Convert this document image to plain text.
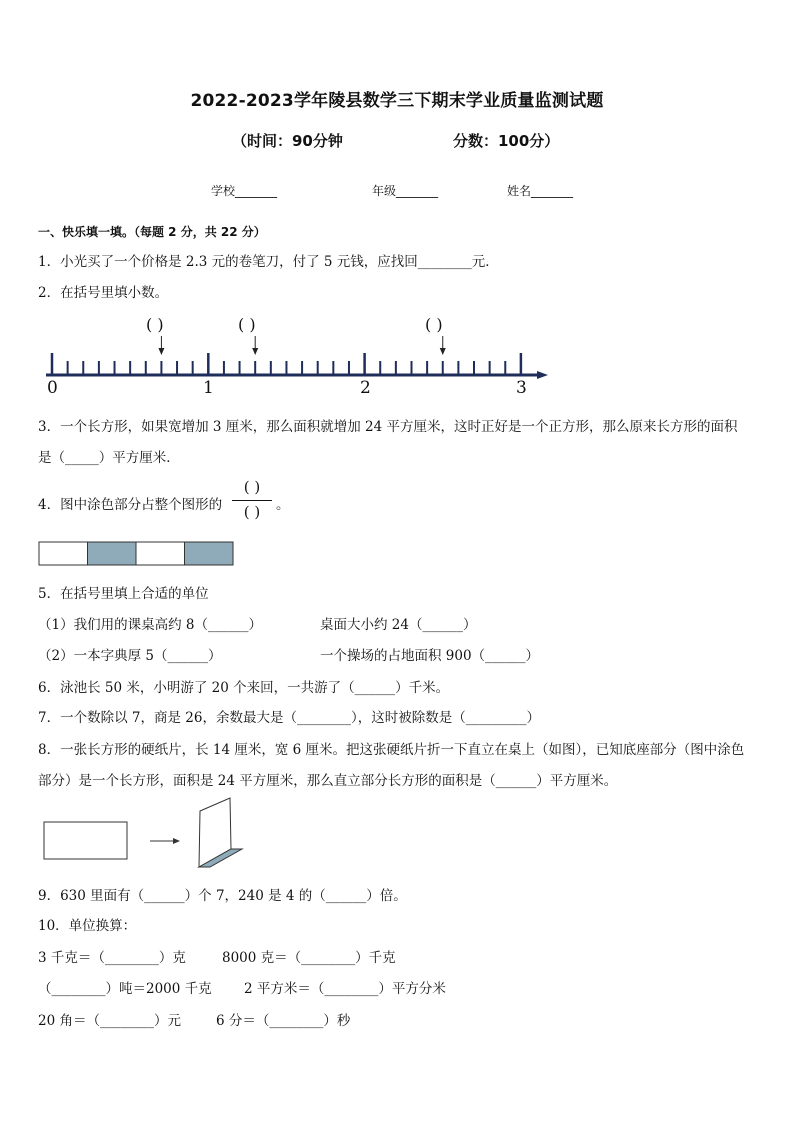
2022-2023学年陵县数学三下期末学业质量监测试题
（时间：90分钟	分数：100分）
学校_______	年级_______	姓名_______
一、快乐填一填。（每题 2 分，共 22 分）
1．小光买了一个价格是 2.3 元的卷笔刀，付了 5 元钱，应找回________元．
2．在括号里填小数。
( )	( )	( )
0	1	2	3
3．一个长方形，如果宽增加 3 厘米，那么面积就增加 24 平方厘米，这时正好是一个正方形，那么原来长方形的面积
是（_____）平方厘米．
4．图中涂色部分占整个图形的
( )
( )	。
5．在括号里填上合适的单位
（1）我们用的课桌高约 8（______）	桌面大小约 24（______）
（2）一本字典厚 5（______）	一个操场的占地面积 900（______）
6．泳池长 50 米，小明游了 20 个来回，一共游了（______）千米。
7．一个数除以 7，商是 26，余数最大是（________），这时被除数是（_________）
8．一张长方形的硬纸片，长 14 厘米，宽 6 厘米。把这张硬纸片折一下直立在桌上（如图），已知底座部分（图中涂色
部分）是一个长方形，面积是 24 平方厘米，那么直立部分长方形的面积是（______）平方厘米。
9．630 里面有（______）个 7，240 是 4 的（______）倍。
10．单位换算：
3 千克＝（________）克	8000 克＝（________）千克
（________）吨＝2000 千克 2 平方米＝（________）平方分米
20 角＝（________）元	6 分＝（________）秒
